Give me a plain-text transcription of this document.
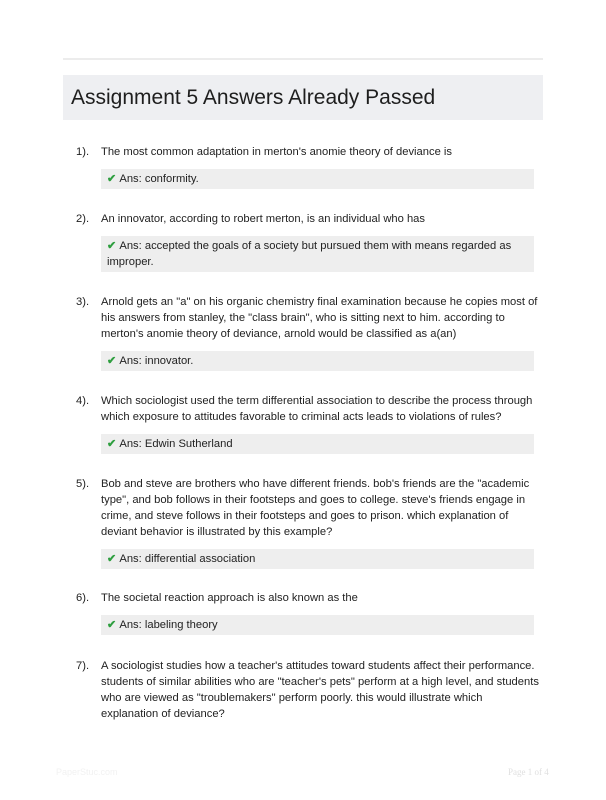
Assignment 5 Answers Already Passed
1).	The most common adaptation in merton's anomie theory of deviance is
✔ Ans: conformity.
2).	An innovator, according to robert merton, is an individual who has
✔ Ans: accepted the goals of a society but pursued them with means regarded as improper.
3).	Arnold gets an "a" on his organic chemistry final examination because he copies most of his answers from stanley, the "class brain", who is sitting next to him. according to merton's anomie theory of deviance, arnold would be classified as a(an)
✔ Ans: innovator.
4).	Which sociologist used the term differential association to describe the process through which exposure to attitudes favorable to criminal acts leads to violations of rules?
✔ Ans: Edwin Sutherland
5).	Bob and steve are brothers who have different friends. bob's friends are the "academic type", and bob follows in their footsteps and goes to college. steve's friends engage in crime, and steve follows in their footsteps and goes to prison. which explanation of deviant behavior is illustrated by this example?
✔ Ans: differential association
6).	The societal reaction approach is also known as the
✔ Ans: labeling theory
7).	A sociologist studies how a teacher's attitudes toward students affect their performance. students of similar abilities who are "teacher's pets" perform at a high level, and students who are viewed as "troublemakers" perform poorly. this would illustrate which explanation of deviance?
PaperStuc.com	Page 1 of 4
